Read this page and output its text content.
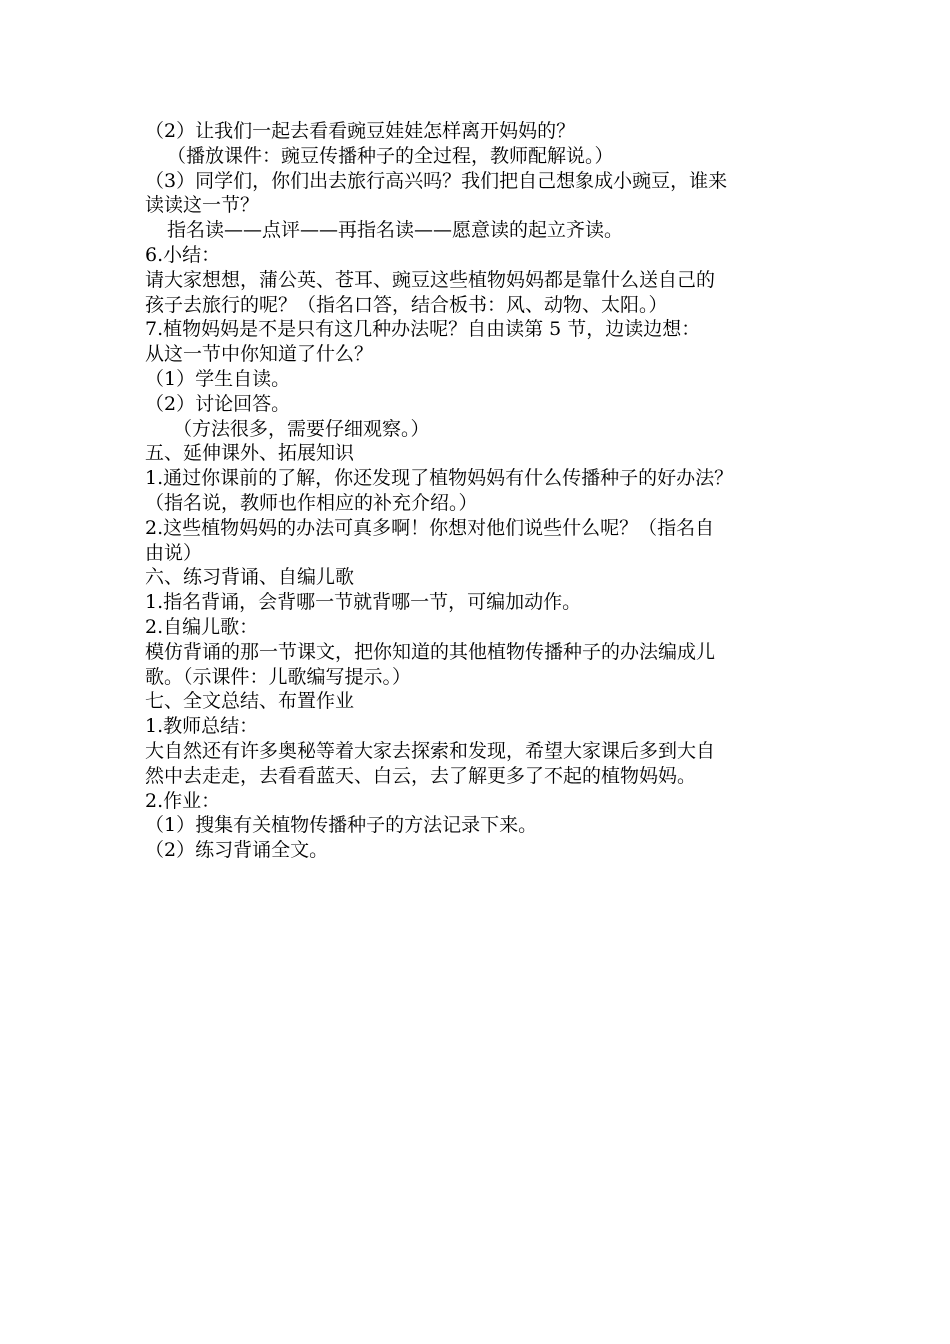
（2）让我们一起去看看豌豆娃娃怎样离开妈妈的？
（播放课件：豌豆传播种子的全过程，教师配解说。）
（3）同学们，你们出去旅行高兴吗？我们把自己想象成小豌豆，谁来
读读这一节？
指名读——点评——再指名读——愿意读的起立齐读。
6.小结：
请大家想想，蒲公英、苍耳、豌豆这些植物妈妈都是靠什么送自己的
孩子去旅行的呢？（指名口答，结合板书：风、动物、太阳。）
7.植物妈妈是不是只有这几种办法呢？自由读第 5 节，边读边想：
从这一节中你知道了什么？
（1）学生自读。
（2）讨论回答。
（方法很多，需要仔细观察。）
五、延伸课外、拓展知识
1.通过你课前的了解，你还发现了植物妈妈有什么传播种子的好办法？
（指名说，教师也作相应的补充介绍。）
2.这些植物妈妈的办法可真多啊！你想对他们说些什么呢？（指名自
由说）
六、练习背诵、自编儿歌
1.指名背诵，会背哪一节就背哪一节，可编加动作。
2.自编儿歌：
模仿背诵的那一节课文，把你知道的其他植物传播种子的办法编成儿
歌。（示课件：儿歌编写提示。）
七、全文总结、布置作业
1.教师总结：
大自然还有许多奥秘等着大家去探索和发现，希望大家课后多到大自
然中去走走，去看看蓝天、白云，去了解更多了不起的植物妈妈。
2.作业：
（1）搜集有关植物传播种子的方法记录下来。
（2）练习背诵全文。
